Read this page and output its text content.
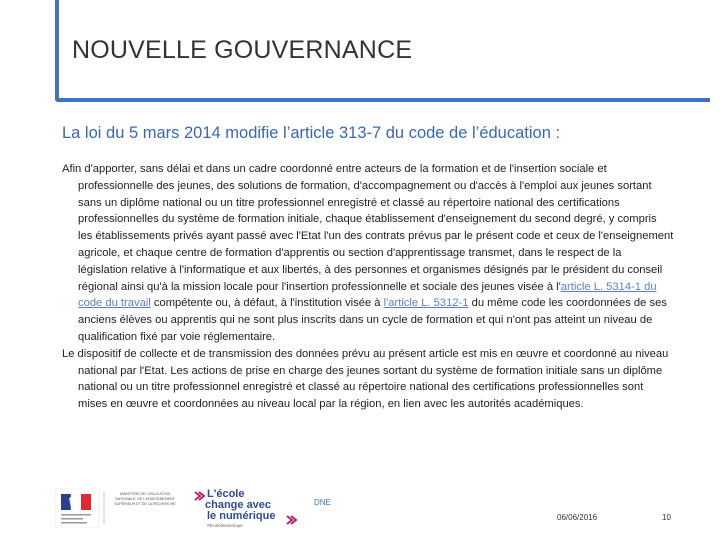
NOUVELLE GOUVERNANCE
La loi du 5 mars 2014 modifie l’article 313-7 du code de l’éducation :

Afin d'apporter, sans délai et dans un cadre coordonné entre acteurs de la formation et de l'insertion sociale et professionnelle des jeunes, des solutions de formation, d'accompagnement ou d'accès à l'emploi aux jeunes sortant sans un diplôme national ou un titre professionnel enregistré et classé au répertoire national des certifications professionnelles du système de formation initiale, chaque établissement d'enseignement du second degré, y compris les établissements privés ayant passé avec l'Etat l'un des contrats prévus par le présent code et ceux de l'enseignement agricole, et chaque centre de formation d'apprentis ou section d'apprentissage transmet, dans le respect de la législation relative à l'informatique et aux libertés, à des personnes et organismes désignés par le président du conseil régional ainsi qu'à la mission locale pour l'insertion professionnelle et sociale des jeunes visée à l'article L. 5314-1 du code du travail compétente ou, à défaut, à l'institution visée à l'article L. 5312-1 du même code les coordonnées de ses anciens élèves ou apprentis qui ne sont plus inscrits dans un cycle de formation et qui n'ont pas atteint un niveau de qualification fixé par voie réglementaire.

Le dispositif de collecte et de transmission des données prévu au présent article est mis en œuvre et coordonné au niveau national par l'Etat. Les actions de prise en charge des jeunes sortant du système de formation initiale sans un diplôme national ou un titre professionnel enregistré et classé au répertoire national des certifications professionnelles sont mises en œuvre et coordonnées au niveau local par la région, en lien avec les autorités académiques.

MINISTÈRE DE L'ÉDUCATION NATIONALE, DE L'ENSEIGNEMENT SUPÉRIEUR ET DE LA RECHERCHE
L'école
change avec
le numérique
#EcoleNumerique
DNE
06/06/2016	10
